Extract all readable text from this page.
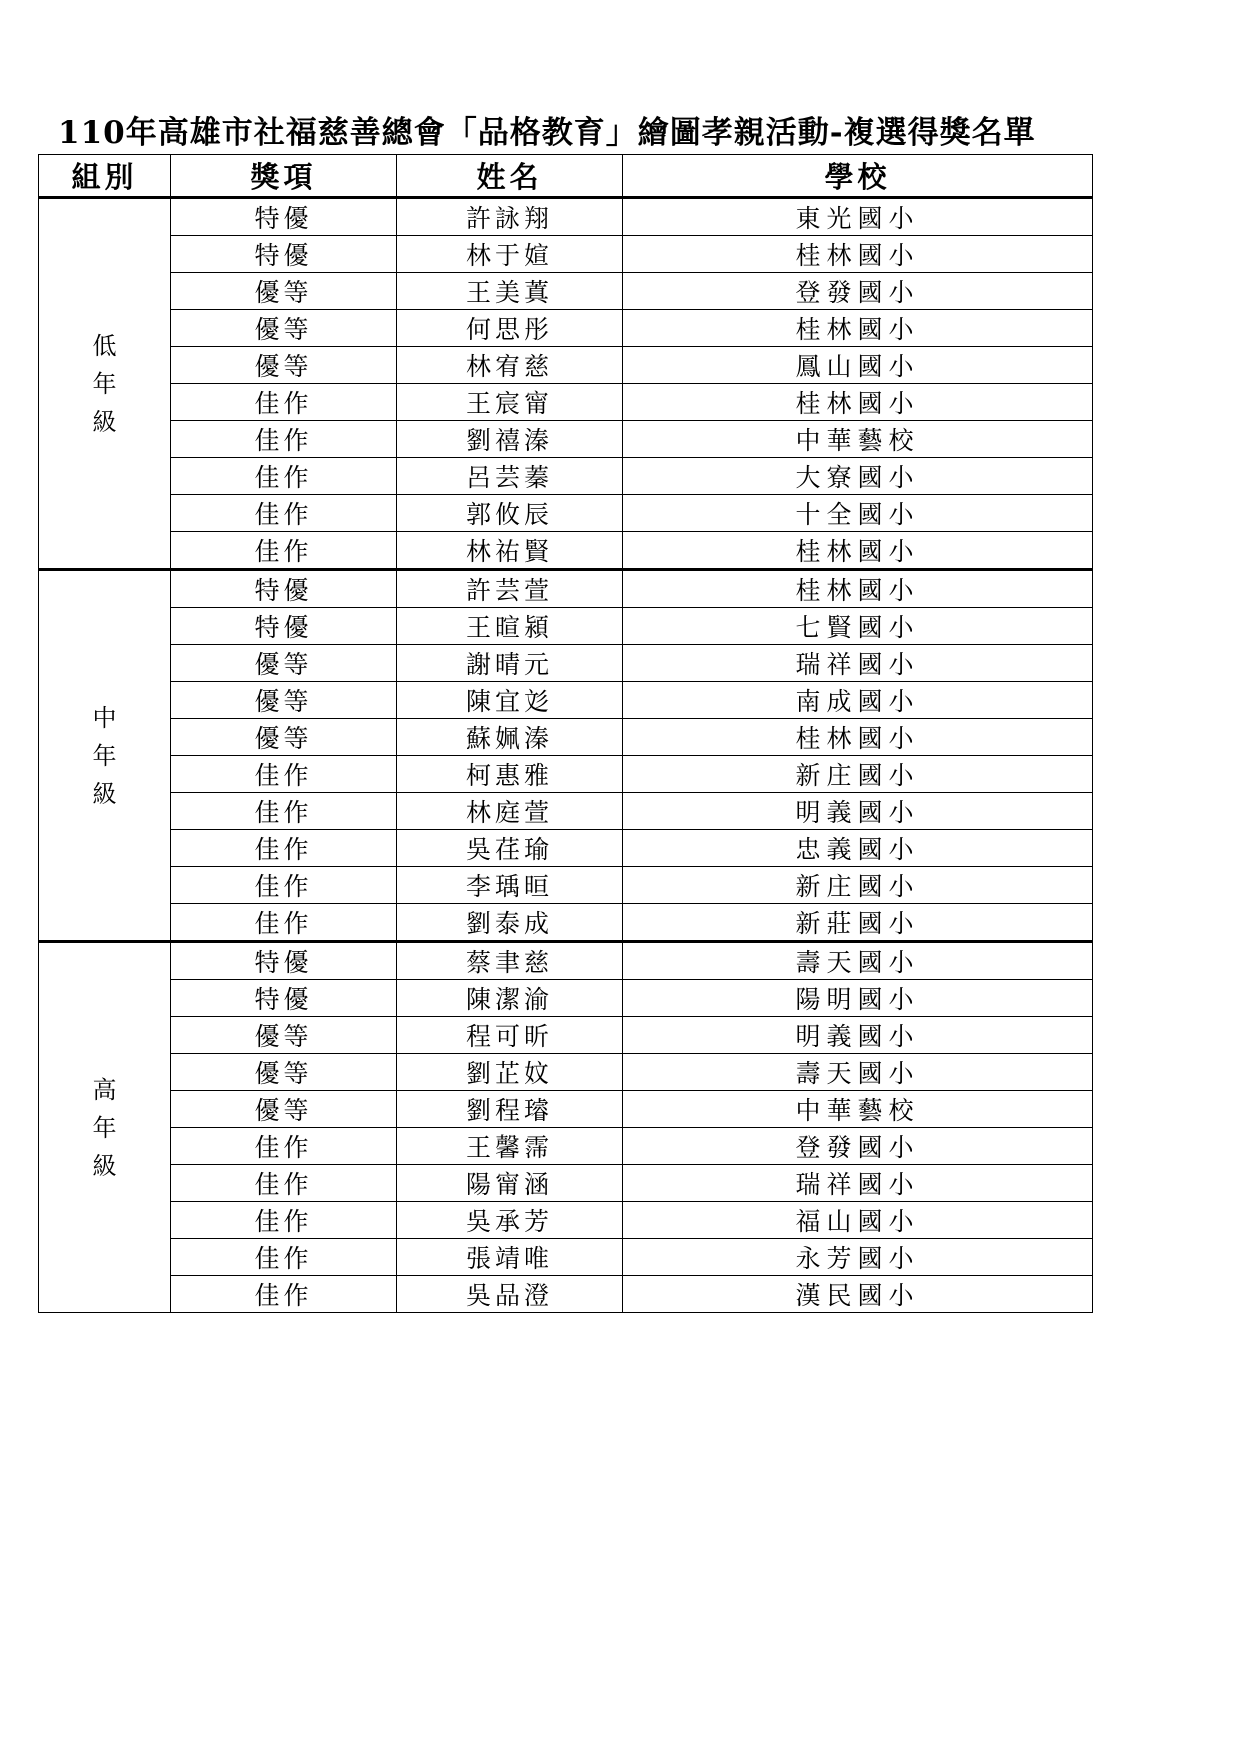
110年高雄市社福慈善總會「品格教育」繪圖孝親活動-複選得獎名單
組別	獎項	姓名	學校

低
年
級	特優	許詠翔	東光國小
	特優	林于媗	桂林國小
	優等	王美蒖	登發國小
	優等	何思彤	桂林國小
	優等	林宥慈	鳳山國小
	佳作	王宸甯	桂林國小
	佳作	劉禧溱	中華藝校
	佳作	呂芸蓁	大寮國小
	佳作	郭攸辰	十全國小
	佳作	林祐賢	桂林國小

中
年
級	特優	許芸萱	桂林國小
	特優	王暄潁	七賢國小
	優等	謝晴元	瑞祥國小
	優等	陳宜彣	南成國小
	優等	蘇姵溱	桂林國小
	佳作	柯惠雅	新庄國小
	佳作	林庭萱	明義國小
	佳作	吳荏瑜	忠義國小
	佳作	李瑀晅	新庄國小
	佳作	劉泰成	新莊國小

高
年
級	特優	蔡聿慈	壽天國小
	特優	陳潔渝	陽明國小
	優等	程可昕	明義國小
	優等	劉芷妏	壽天國小
	優等	劉程璿	中華藝校
	佳作	王馨霈	登發國小
	佳作	陽甯涵	瑞祥國小
	佳作	吳承芳	福山國小
	佳作	張靖唯	永芳國小
	佳作	吳品澄	漢民國小
